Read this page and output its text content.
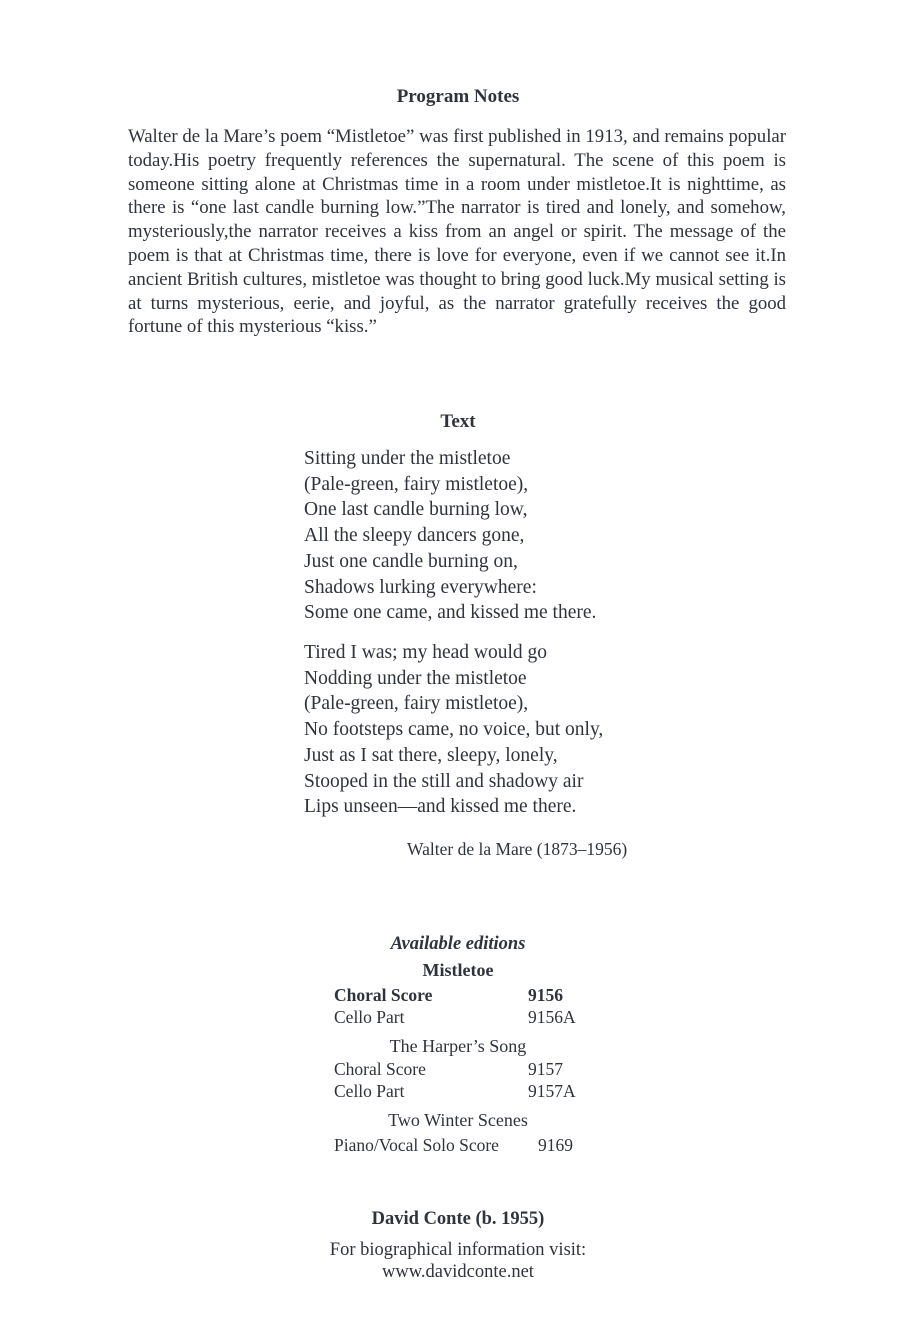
Program Notes
Walter de la Mare’s poem “Mistletoe” was first published in 1913, and remains popular today.His poetry frequently references the supernatural. The scene of this poem is someone sitting alone at Christmas time in a room under mistletoe.It is nighttime, as there is “one last candle burning low.”The narrator is tired and lonely, and somehow, mysteriously,the narrator receives a kiss from an angel or spirit. The message of the poem is that at Christmas time, there is love for everyone, even if we cannot see it.In ancient British cultures, mistletoe was thought to bring good luck.My musical setting is at turns mysterious, eerie, and joyful, as the narrator gratefully receives the good fortune of this mysterious “kiss.”
Text
Sitting under the mistletoe
(Pale-green, fairy mistletoe),
One last candle burning low,
All the sleepy dancers gone,
Just one candle burning on,
Shadows lurking everywhere:
Some one came, and kissed me there.
Tired I was; my head would go
Nodding under the mistletoe
(Pale-green, fairy mistletoe),
No footsteps came, no voice, but only,
Just as I sat there, sleepy, lonely,
Stooped in the still and shadowy air
Lips unseen—and kissed me there.
Walter de la Mare (1873–1956)
Available editions
Mistletoe
Choral Score	9156
Cello Part	9156A
The Harper’s Song
Choral Score	9157
Cello Part	9157A
Two Winter Scenes
Piano/Vocal Solo Score 9169
David Conte (b. 1955)
For biographical information visit:
www.davidconte.net
